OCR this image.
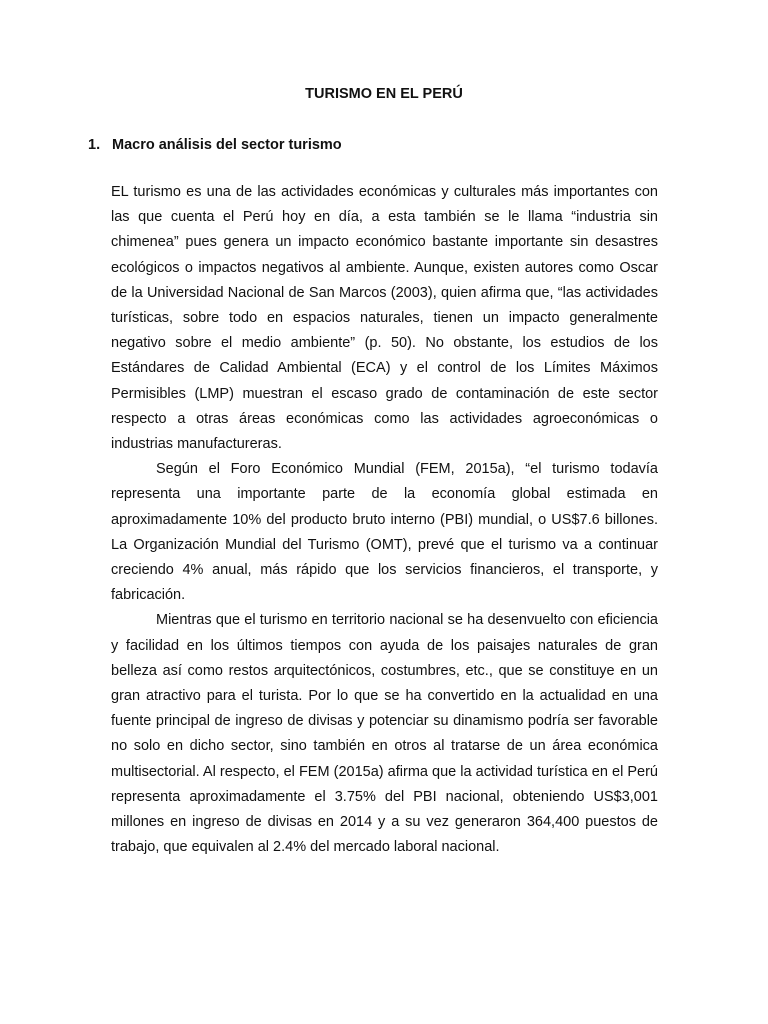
TURISMO EN EL PERÚ
1. Macro análisis del sector turismo

EL turismo es una de las actividades económicas y culturales más importantes con las que cuenta el Perú hoy en día, a esta también se le llama “industria sin chimenea” pues genera un impacto económico bastante importante sin desastres ecológicos o impactos negativos al ambiente. Aunque, existen autores como Oscar de la Universidad Nacional de San Marcos (2003), quien afirma que, “las actividades turísticas, sobre todo en espacios naturales, tienen un impacto generalmente negativo sobre el medio ambiente” (p. 50). No obstante, los estudios de los Estándares de Calidad Ambiental (ECA) y el control de los Límites Máximos Permisibles (LMP) muestran el escaso grado de contaminación de este sector respecto a otras áreas económicas como las actividades agroeconómicas o industrias manufactureras.

Según el Foro Económico Mundial (FEM, 2015a), “el turismo todavía representa una importante parte de la economía global estimada en aproximadamente 10% del producto bruto interno (PBI) mundial, o US$7.6 billones. La Organización Mundial del Turismo (OMT), prevé que el turismo va a continuar creciendo 4% anual, más rápido que los servicios financieros, el transporte, y fabricación.

Mientras que el turismo en territorio nacional se ha desenvuelto con eficiencia y facilidad en los últimos tiempos con ayuda de los paisajes naturales de gran belleza así como restos arquitectónicos, costumbres, etc., que se constituye en un gran atractivo para el turista. Por lo que se ha convertido en la actualidad en una fuente principal de ingreso de divisas y potenciar su dinamismo podría ser favorable no solo en dicho sector, sino también en otros al tratarse de un área económica multisectorial. Al respecto, el FEM (2015a) afirma que la actividad turística en el Perú representa aproximadamente el 3.75% del PBI nacional, obteniendo US$3,001 millones en ingreso de divisas en 2014 y a su vez generaron 364,400 puestos de trabajo, que equivalen al 2.4% del mercado laboral nacional.
